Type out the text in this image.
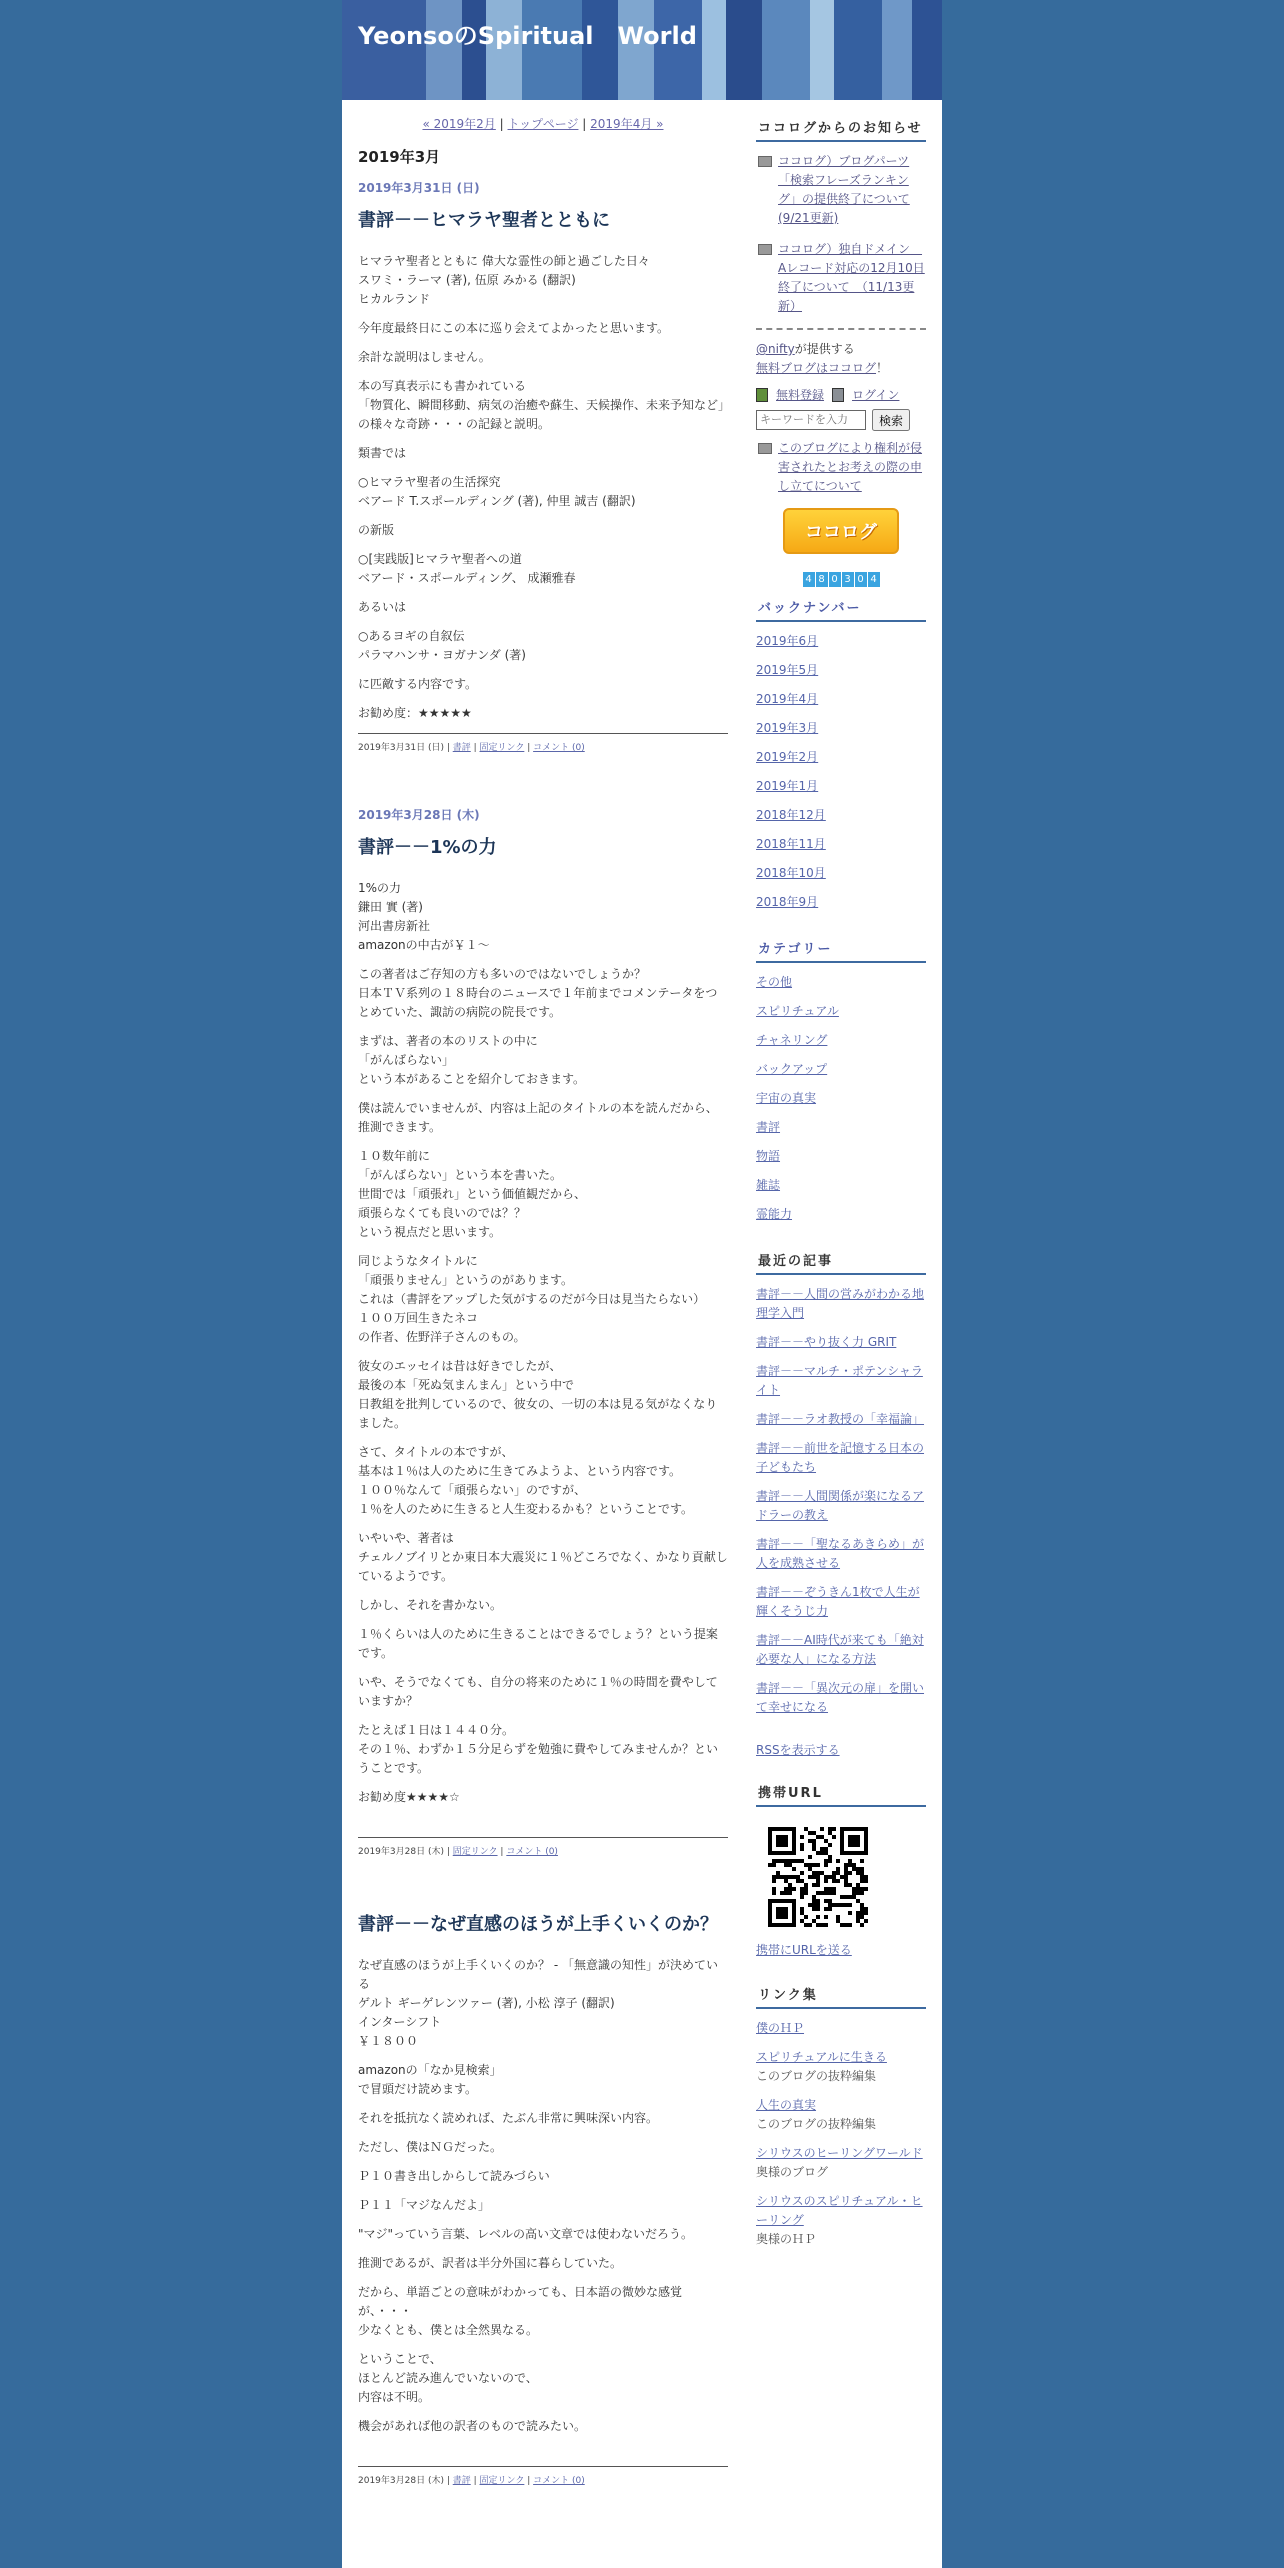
YeonsoのSpiritual　World
« 2019年2月 | トップページ | 2019年4月 »
2019年3月
2019年3月31日 (日)
書評－－ヒマラヤ聖者とともに

ヒマラヤ聖者とともに 偉大な霊性の師と過ごした日々
スワミ・ラーマ (著), 伍原 みかる (翻訳)
ヒカルランド

今年度最終日にこの本に巡り会えてよかったと思います。

余計な説明はしません。

本の写真表示にも書かれている
「物質化、瞬間移動、病気の治癒や蘇生、天候操作、未来予知など」の様々な奇跡・・・の記録と説明。

類書では

○ヒマラヤ聖者の生活探究
ベアード T.スポールディング (著), 仲里 誠吉 (翻訳)

の新版

○[実践版]ヒマラヤ聖者への道
ベアード・スポールディング、 成瀬雅春

あるいは

○あるヨギの自叙伝
パラマハンサ・ヨガナンダ (著)

に匹敵する内容です。

お勧め度：★★★★★

2019年3月31日 (日) | 書評 | 固定リンク | コメント (0)
2019年3月28日 (木)
書評－－1%の力

1%の力
鎌田 實 (著)
河出書房新社
amazonの中古が￥１～

この著者はご存知の方も多いのではないでしょうか？
日本ＴＶ系列の１８時台のニュースで１年前までコメンテータをつとめていた、諏訪の病院の院長です。

まずは、著者の本のリストの中に
「がんばらない」
という本があることを紹介しておきます。

僕は読んでいませんが、内容は上記のタイトルの本を読んだから、推測できます。

１０数年前に
「がんばらない」という本を書いた。
世間では「頑張れ」という価値観だから、
頑張らなくても良いのでは？？
という視点だと思います。

同じようなタイトルに
「頑張りません」というのがあります。
これは（書評をアップした気がするのだが今日は見当たらない）
１００万回生きたネコ
の作者、佐野洋子さんのもの。

彼女のエッセイは昔は好きでしたが、
最後の本「死ぬ気まんまん」という中で
日教組を批判しているので、彼女の、一切の本は見る気がなくなりました。

さて、タイトルの本ですが、
基本は１％は人のために生きてみようよ、という内容です。
１００％なんて「頑張らない」のですが、
１％を人のために生きると人生変わるかも？ということです。

いやいや、著者は
チェルノブイリとか東日本大震災に１％どころでなく、かなり貢献しているようです。

しかし、それを書かない。

１％くらいは人のために生きることはできるでしょう？という提案です。

いや、そうでなくても、自分の将来のために１％の時間を費やしていますか？

たとえば１日は１４４０分。
その１％、わずか１５分足らずを勉強に費やしてみませんか？ということです。

お勧め度★★★★☆

2019年3月28日 (木) | 固定リンク | コメント (0)
書評－－なぜ直感のほうが上手くいくのか？

なぜ直感のほうが上手くいくのか？ - 「無意識の知性」が決めている
ゲルト ギーゲレンツァー (著), 小松 淳子 (翻訳)
インターシフト
￥１８００

amazonの「なか見検索」
で冒頭だけ読めます。

それを抵抗なく読めれば、たぶん非常に興味深い内容。

ただし、僕はＮＧだった。

Ｐ１０書き出しからして読みづらい

Ｐ１１「マジなんだよ」

"マジ"っていう言葉、レベルの高い文章では使わないだろう。

推測であるが、訳者は半分外国に暮らしていた。

だから、単語ごとの意味がわかっても、日本語の微妙な感覚が、・・・
少なくとも、僕とは全然異なる。

ということで、
ほとんど読み進んでいないので、
内容は不明。

機会があれば他の訳者のもので読みたい。

2019年3月28日 (木) | 書評 | 固定リンク | コメント (0)
ココログからのお知らせ
ココログ）ブログパーツ「検索フレーズランキング」の提供終了について(9/21更新)
ココログ）独自ドメイン　Aレコード対応の12月10日終了について　（11/13更新）
@niftyが提供する
無料ブログはココログ！
無料登録 ログイン
キーワードを入力
検索
このブログにより権利が侵害されたとお考えの際の申し立てについて
ココログ
4 8 0 3 0 4
バックナンバー
2019年6月
2019年5月
2019年4月
2019年3月
2019年2月
2019年1月
2018年12月
2018年11月
2018年10月
2018年9月
カテゴリー
その他
スピリチュアル
チャネリング
バックアップ
宇宙の真実
書評
物語
雑誌
霊能力
最近の記事
書評－－人間の営みがわかる地理学入門
書評－－やり抜く力 GRIT
書評－－マルチ・ポテンシャライト
書評－－ラオ教授の「幸福論」
書評－－前世を記憶する日本の子どもたち
書評－－人間関係が楽になるアドラーの教え
書評－－「聖なるあきらめ」が人を成熟させる
書評－－ぞうきん1枚で人生が輝くそうじ力
書評－－AI時代が来ても「絶対必要な人」になる方法
書評－－「異次元の扉」を開いて幸せになる
RSSを表示する
携帯URL
携帯にURLを送る
リンク集
僕のＨＰ
スピリチュアルに生きる
このブログの抜粋編集
人生の真実
このブログの抜粋編集
シリウスのヒーリングワールド
奥様のブログ
シリウスのスピリチュアル・ヒーリング
奥様のＨＰ
